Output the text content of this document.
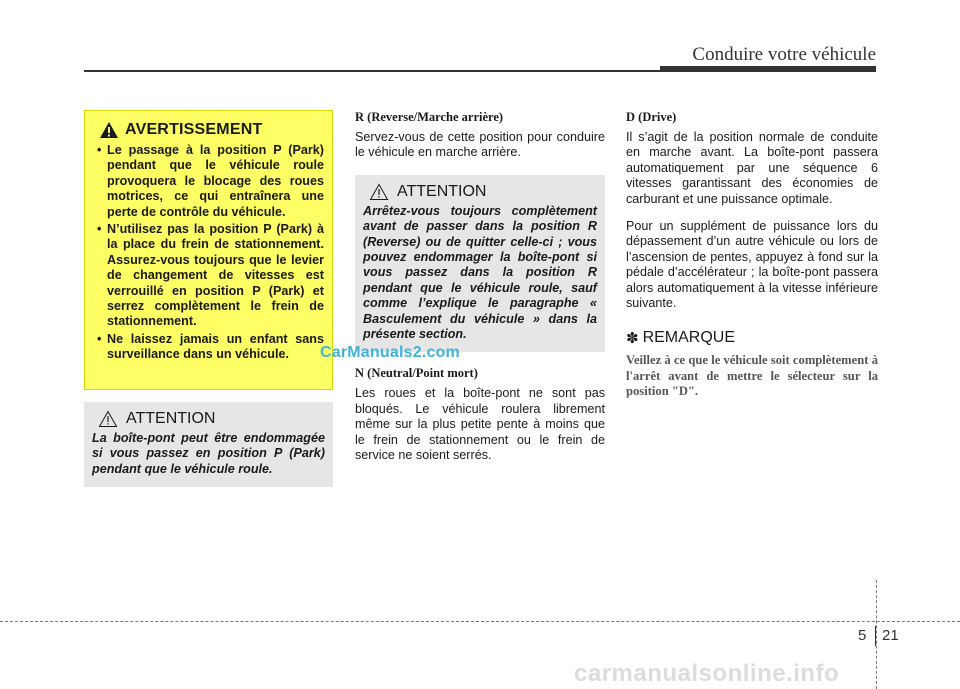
Conduire votre véhicule
AVERTISSEMENT
• Le passage à la position P (Park) pendant que le véhicule roule provoquera le blocage des roues motrices, ce qui entraînera une perte de contrôle du véhicule.
• N’utilisez pas la position P (Park) à la place du frein de stationnement. Assurez-vous toujours que le levier de changement de vitesses est verrouillé en position P (Park) et serrez complètement le frein de stationnement.
• Ne laissez jamais un enfant sans surveillance dans un véhicule.
ATTENTION

La boîte-pont peut être endommagée si vous passez en position P (Park) pendant que le véhicule roule.

R (Reverse/Marche arrière)

Servez-vous de cette position pour conduire le véhicule en marche arrière.

ATTENTION

Arrêtez-vous toujours complètement avant de passer dans la position R (Reverse) ou de quitter celle-ci ; vous pouvez endommager la boîte-pont si vous passez dans la position R pendant que le véhicule roule, sauf comme l’explique le paragraphe « Basculement du véhicule » dans la présente section.

N (Neutral/Point mort)

Les roues et la boîte-pont ne sont pas bloqués. Le véhicule roulera librement même sur la plus petite pente à moins que le frein de stationnement ou le frein de service ne soient serrés.

D (Drive)

Il s’agit de la position normale de conduite en marche avant. La boîte-pont passera automatiquement par une séquence 6 vitesses garantissant des économies de carburant et une puissance optimale.

Pour un supplément de puissance lors du dépassement d’un autre véhicule ou lors de l’ascension de pentes, appuyez à fond sur la pédale d’accélérateur ; la boîte-pont passera alors automatiquement à la vitesse inférieure suivante.

✽ REMARQUE

Veillez à ce que le véhicule soit complètement à l'arrêt avant de mettre le sélecteur sur la position "D".

CarManuals2.com
5 21
carmanualsonline.info
